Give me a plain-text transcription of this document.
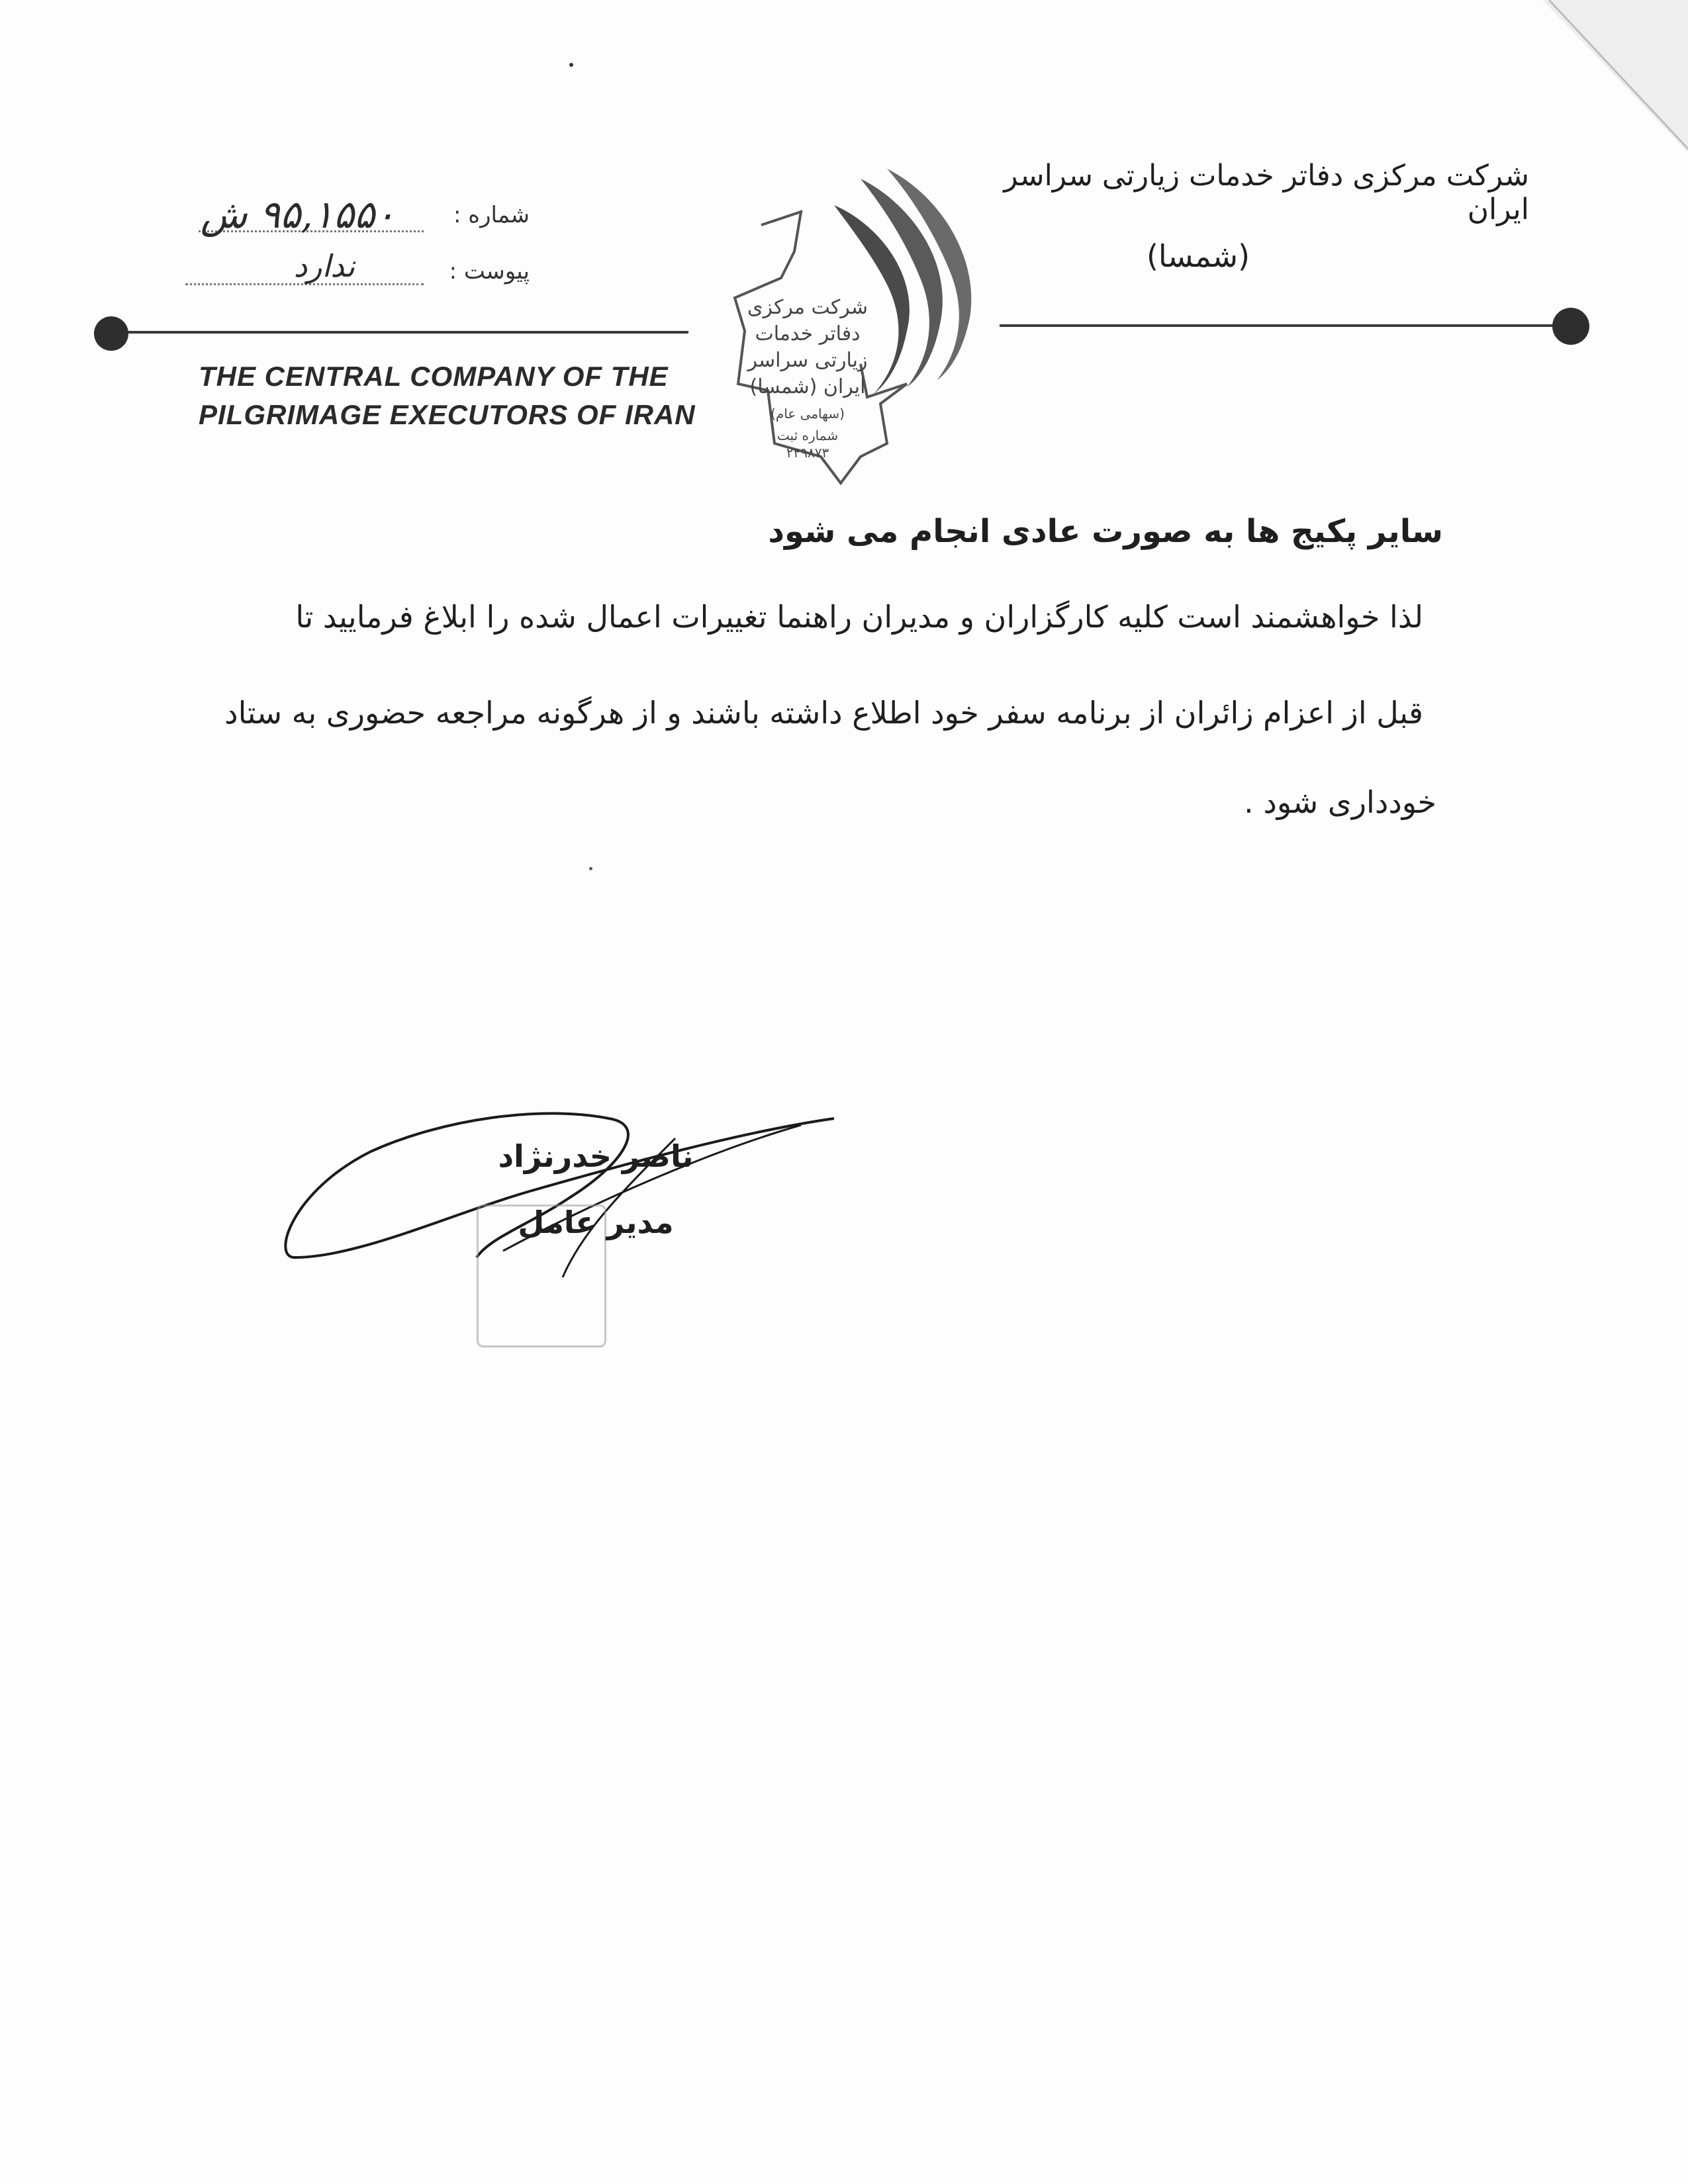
شرکت مرکزی دفاتر خدمات زیارتی سراسر ایران
(شمسا)
شماره :
۹۵,۱۵۵۰ ش
پیوست :
ندارد
THE CENTRAL COMPANY OF THE
PILGRIMAGE EXECUTORS OF IRAN
شرکت مرکزی
دفاتر خدمات
زیارتی سراسر
ایران (شمسا)
(سهامی عام)
شماره ثبت
۲۴۹۸۷۳
سایر پکیج ها به صورت عادی انجام می شود
لذا خواهشمند است کلیه کارگزاران و مدیران راهنما تغییرات اعمال شده را ابلاغ فرمایید تا
قبل از اعزام زائران از برنامه سفر خود اطلاع داشته باشند و از هرگونه مراجعه حضوری به ستاد
خودداری شود .
ناصر خدرنژاد
مدیر عامل
